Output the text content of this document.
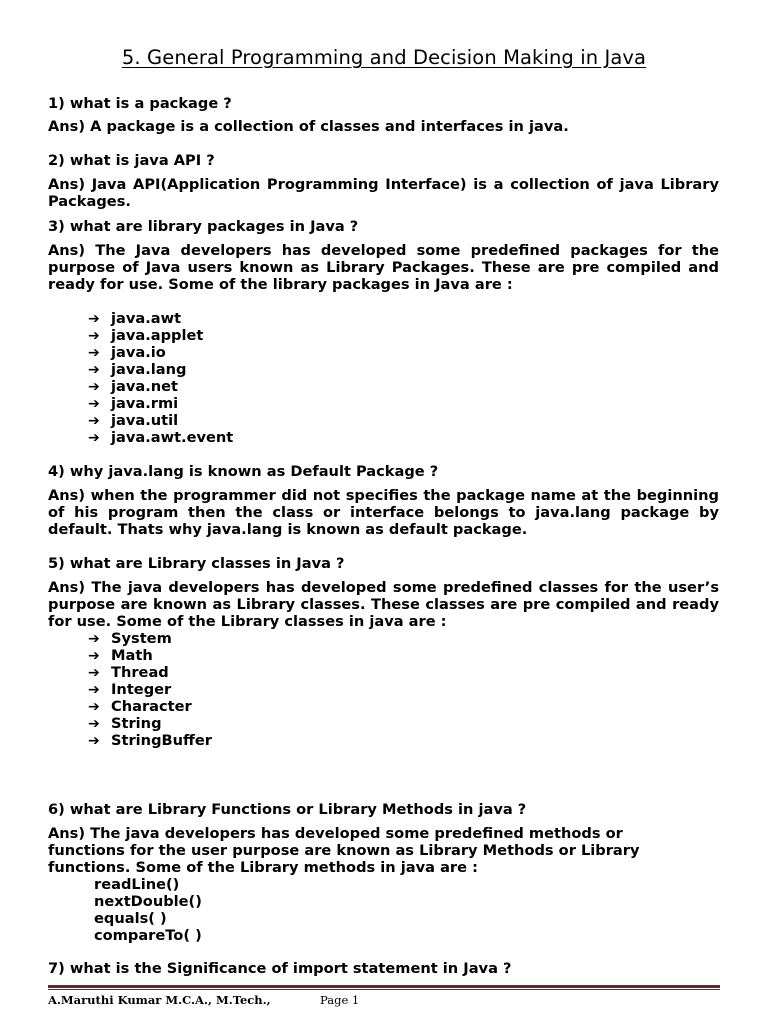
5. General Programming and Decision Making in Java

1) what is a package ?

Ans) A package is a collection of classes and interfaces in java.

2) what is java API ?

Ans) Java API(Application Programming Interface) is a collection of java Library Packages.

3) what are library packages in Java ?

Ans) The Java developers has developed some predefined packages for the purpose of Java users known as Library Packages. These are pre compiled and ready for use. Some of the library packages in Java are :

➔ java.awt
➔ java.applet
➔ java.io
➔ java.lang
➔ java.net
➔ java.rmi
➔ java.util
➔ java.awt.event

4) why java.lang is known as Default Package ?

Ans) when the programmer did not specifies the package name at the beginning of his program then the class or interface belongs to java.lang package by default. Thats why java.lang is known as default package.

5) what are Library classes in Java ?

Ans) The java developers has developed some predefined classes for the user’s purpose are known as Library classes. These classes are pre compiled and ready for use. Some of the Library classes in java are :

➔ System
➔ Math
➔ Thread
➔ Integer
➔ Character
➔ String
➔ StringBuffer

6) what are Library Functions or Library Methods in java ?

Ans) The java developers has developed some predefined methods or

functions for the user purpose are known as Library Methods or Library

functions. Some of the Library methods in java are :

readLine()
nextDouble()
equals( )
compareTo( )

7) what is the Significance of import statement in Java ?

A.Maruthi Kumar M.C.A., M.Tech.,	Page 1
